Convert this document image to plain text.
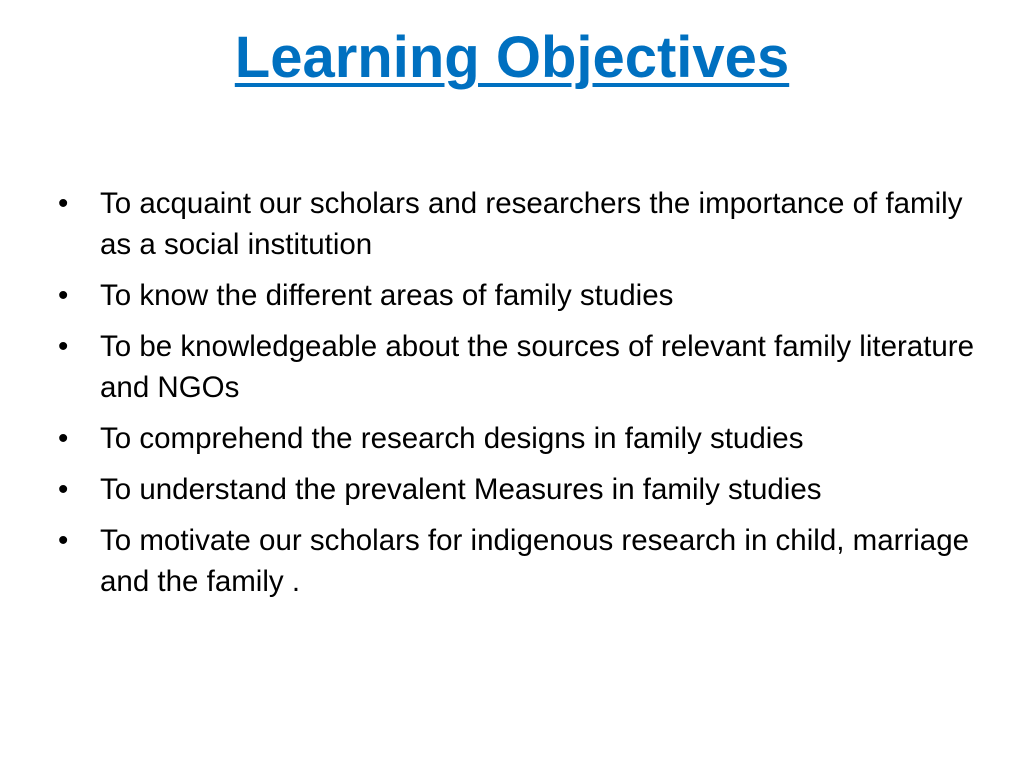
Learning Objectives
•	To acquaint our scholars and researchers the importance of family as a social institution
•	To know the different areas of family studies
•	To be knowledgeable about the sources of relevant family literature and NGOs
•	To comprehend the research designs in family studies
•	To understand the prevalent Measures in family studies
•	To motivate our scholars for indigenous research in child, marriage and the family .
